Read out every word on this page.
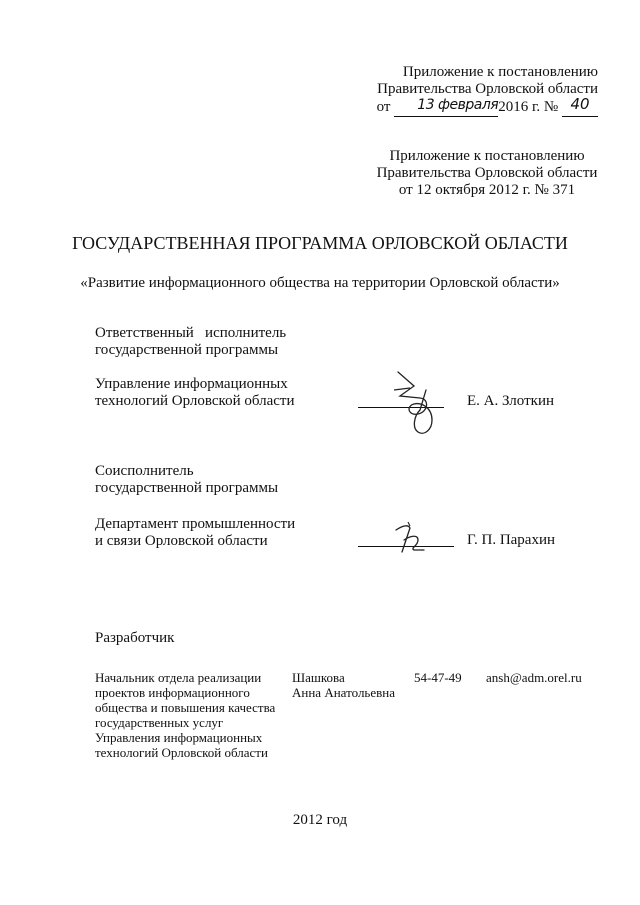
Приложение к постановлению
Правительства Орловской области
от 13 февраля2016 г. № 40
Приложение к постановлению
Правительства Орловской области
от 12 октября 2012 г. № 371
ГОСУДАРСТВЕННАЯ ПРОГРАММА ОРЛОВСКОЙ ОБЛАСТИ
«Развитие информационного общества на территории Орловской области»
Ответственный   исполнитель
государственной программы
Управление информационных
технологий Орловской области	Е. А. Злоткин
Соисполнитель
государственной программы
Департамент промышленности
и связи Орловской области	Г. П. Парахин
Разработчик
Начальник отдела реализации
проектов информационного
общества и повышения качества
государственных услуг
Управления информационных
технологий Орловской области
Шашкова
Анна Анатольевна
54-47-49 ansh@adm.orel.ru
2012 год
